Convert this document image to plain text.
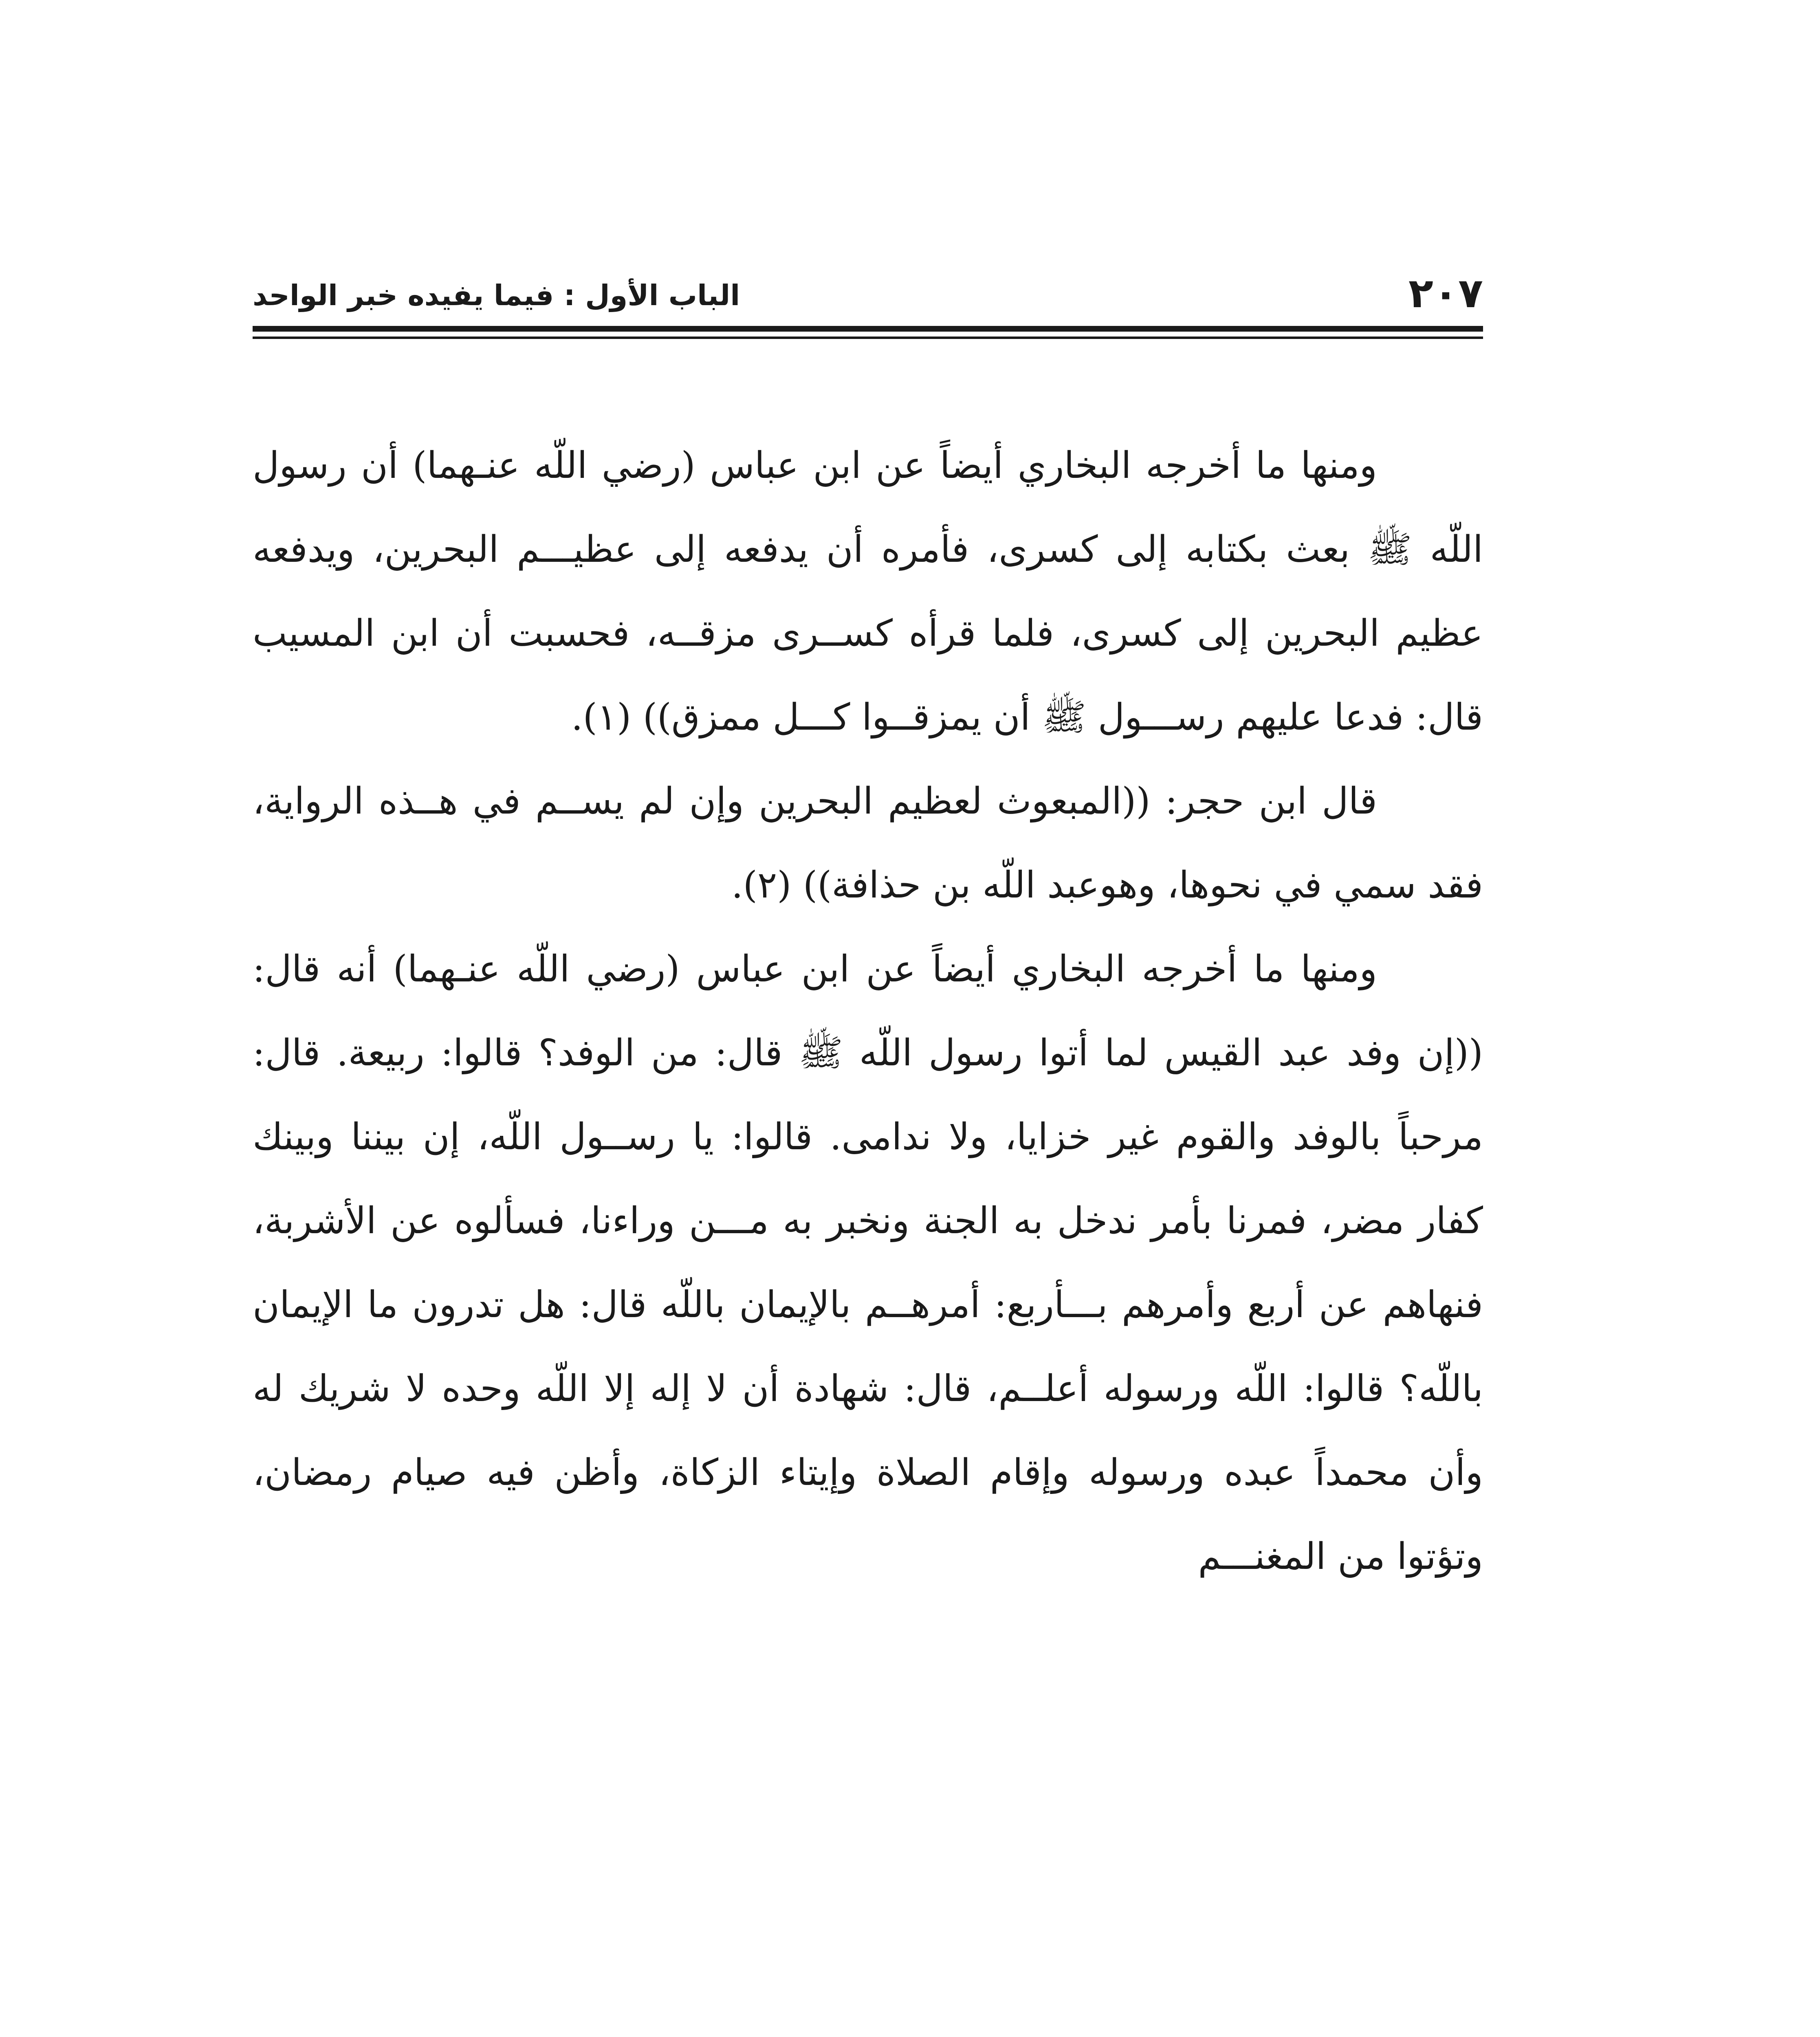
٢٠٧
الباب الأول : فيما يفيده خبر الواحد

ومنها ما أخرجه البخاري أيضاً عن ابن عباس (رضي اللّه عنـهما) أن رسول اللّه ﷺ بعث بكتابه إلى كسرى، فأمره أن يدفعه إلى عظيـــم البحرين، ويدفعه عظيم البحرين إلى كسرى، فلما قرأه كســرى مزقــه، فحسبت أن ابن المسيب قال: فدعا عليهم رســـول ﷺ أن يمزقــوا كـــل ممزق)) (١).

قال ابن حجر: ((المبعوث لعظيم البحرين وإن لم يســم في هــذه الرواية، فقد سمي في نحوها، وهوعبد اللّه بن حذافة)) (٢).

ومنها ما أخرجه البخاري أيضاً عن ابن عباس (رضي اللّه عنـهما) أنه قال: ((إن وفد عبد القيس لما أتوا رسول اللّه ﷺ قال: من الوفد؟ قالوا: ربيعة. قال: مرحباً بالوفد والقوم غير خزايا، ولا ندامى. قالوا: يا رســول اللّه، إن بيننا وبينك كفار مضر، فمرنا بأمر ندخل به الجنة ونخبر به مـــن وراءنا، فسألوه عن الأشربة، فنهاهم عن أربع وأمرهم بـــأربع: أمرهــم بالإيمان باللّه قال: هل تدرون ما الإيمان باللّه؟ قالوا: اللّه ورسوله أعلــم، قال: شهادة أن لا إله إلا اللّه وحده لا شريك له وأن محمداً عبده ورسوله وإقام الصلاة وإيتاء الزكاة، وأظن فيه صيام رمضان، وتؤتوا من المغنـــم
